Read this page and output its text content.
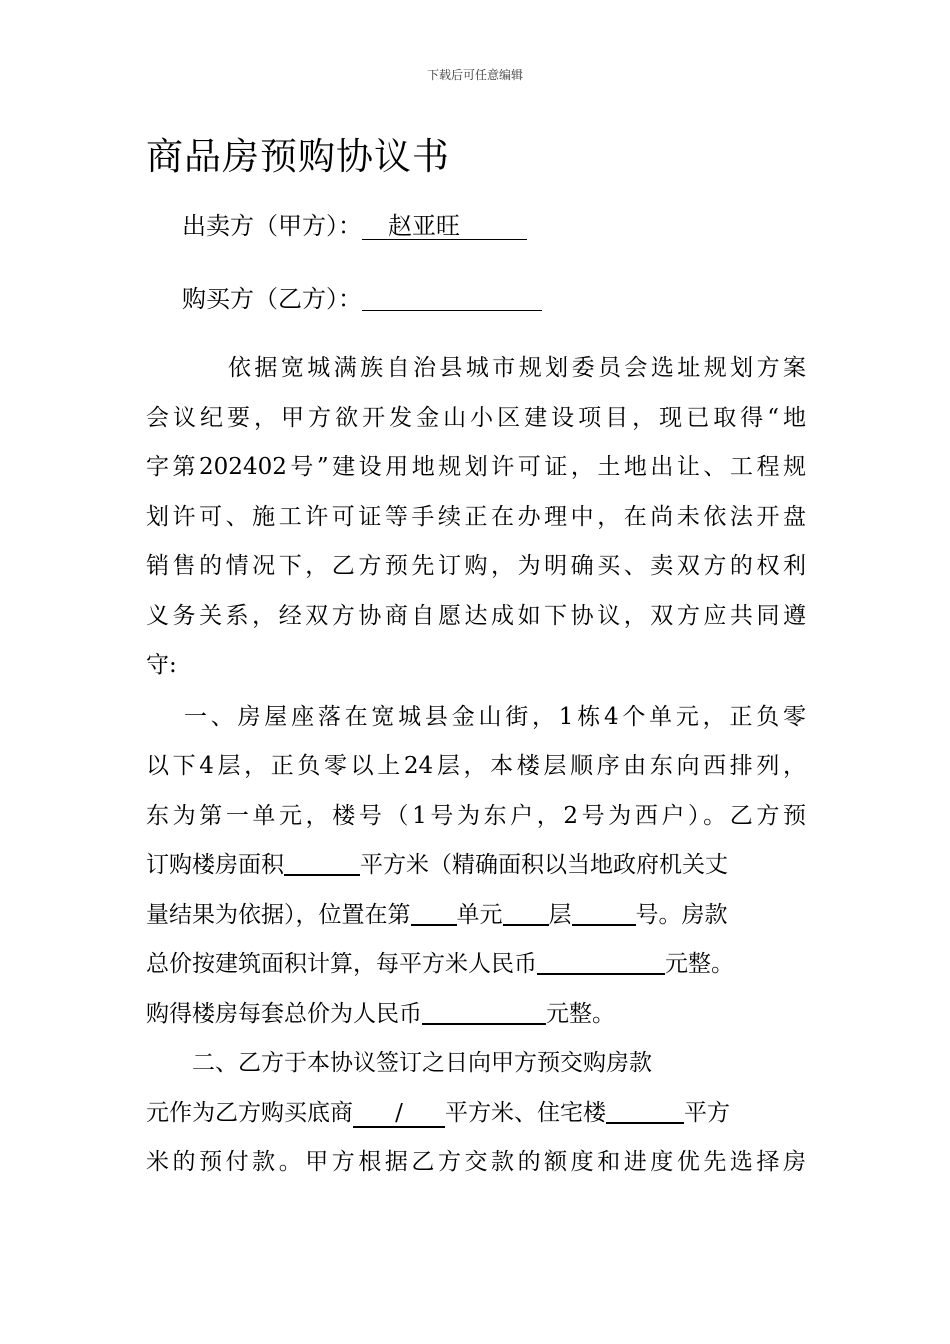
下载后可任意编辑
商品房预购协议书
出卖方（甲方）： 赵亚旺
购买方（乙方）：
依据宽城满族自治县城市规划委员会选址规划方案
会议纪要，甲方欲开发金山小区建设项目，现已取得“地
字第202402号”建设用地规划许可证，土地出让、工程规
划许可、施工许可证等手续正在办理中，在尚未依法开盘
销售的情况下，乙方预先订购，为明确买、卖双方的权利
义务关系，经双方协商自愿达成如下协议，双方应共同遵
守:
一、房屋座落在宽城县金山街，1栋4个单元，正负零
以下4层，正负零以上24层，本楼层顺序由东向西排列，
东为第一单元，楼号（1号为东户，2号为西户）。乙方预
订购楼房面积	平方米（精确面积以当地政府机关丈
量结果为依据），位置在第 单元 层	号。房款
总价按建筑面积计算，每平方米人民币	元整。
购得楼房每套总价为人民币	元整。
二、乙方于本协议签订之日向甲方预交购房款
元作为乙方购买底商 / 平方米、住宅楼	平方
米的预付款。甲方根据乙方交款的额度和进度优先选择房
